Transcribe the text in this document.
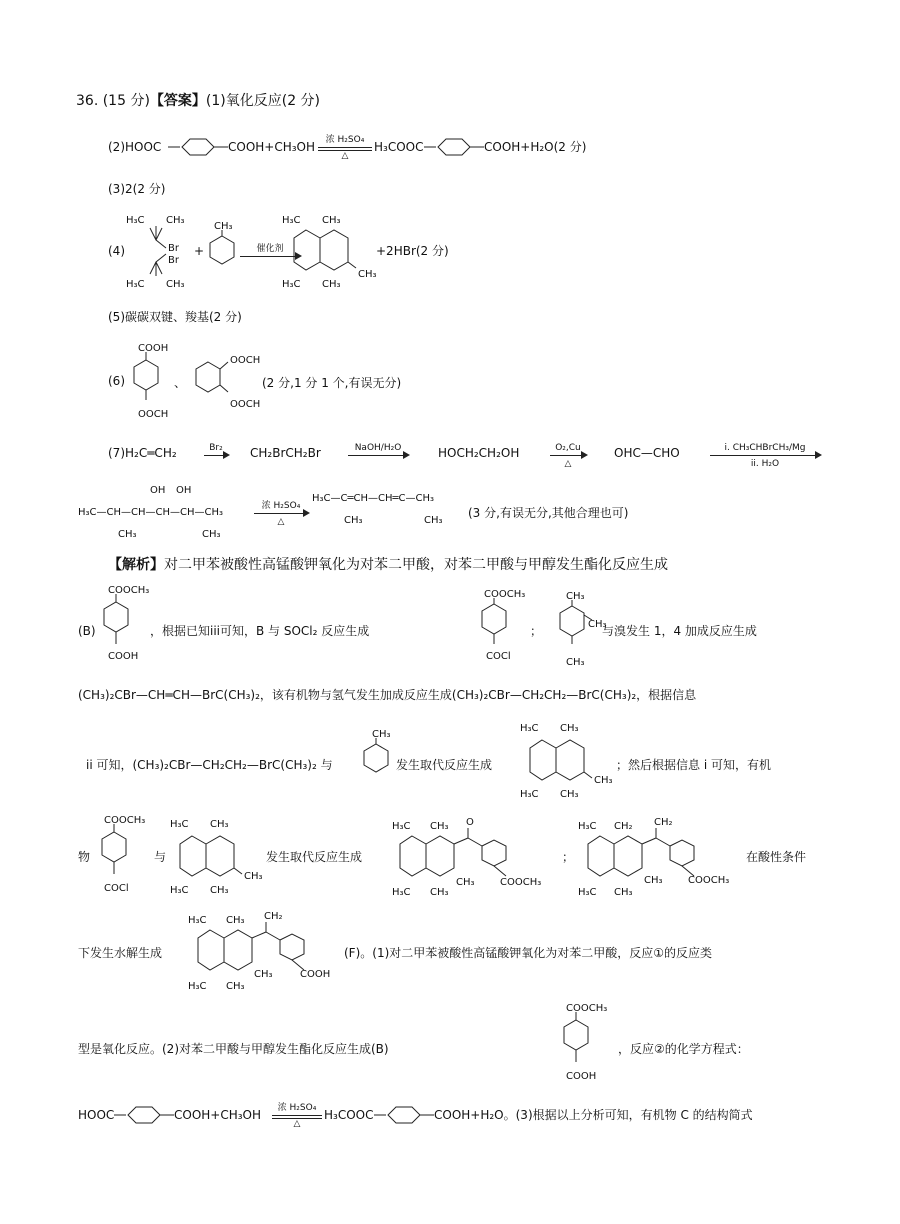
36. (15 分)【答案】(1)氧化反应(2 分)
(2)HOOC	COOH+CH₃OH	浓 H₂SO₄
△
H₃COOC	COOH+H₂O(2 分)
(3)2(2 分)
(4)
H₃C CH₃
Br
Br
H₃C CH₃
+
CH₃
催化剂
H₃C CH₃
H₃C CH₃
CH₃
+2HBr(2 分)
(5)碳碳双键、羧基(2 分)
COOH
(6)
OOCH
、
OOCH
OOCH
(2 分,1 分 1 个,有误无分)
(7)H₂C═CH₂	Br₂	CH₂BrCH₂Br	NaOH/H₂O	HOCH₂CH₂OH	O₂,Cu
△
OHC—CHO	i. CH₃CHBrCH₃/Mg
ii. H₂O
OH OH
H₃C—CH—CH—CH—CH—CH₃
CH₃	CH₃
浓 H₂SO₄
△
H₃C—C═CH—CH═C—CH₃
CH₃	CH₃
(3 分,有误无分,其他合理也可)
【解析】对二甲苯被酸性高锰酸钾氧化为对苯二甲酸，对苯二甲酸与甲醇发生酯化反应生成
COOCH₃
COOH
(B)	，根据已知iii可知，B 与 SOCl₂ 反应生成
COOCH₃
COCl
；
CH₃
CH₃
CH₃
与溴发生 1，4 加成反应生成
(CH₃)₂CBr—CH═CH—BrC(CH₃)₂，该有机物与氢气发生加成反应生成(CH₃)₂CBr—CH₂CH₂—BrC(CH₃)₂，根据信息
ii 可知，(CH₃)₂CBr—CH₂CH₂—BrC(CH₃)₂ 与
CH₃
发生取代反应生成
H₃C CH₃
CH₃
H₃C CH₃
；然后根据信息 i 可知，有机
物
COOCH₃
COCl
与
H₃C CH₃
CH₃
H₃C CH₃
发生取代反应生成
H₃C CH₃ O
CH₃	COOCH₃
H₃C CH₃
；
H₃C CH₂ CH₂
CH₃	COOCH₃
H₃C CH₃
在酸性条件
下发生水解生成
H₃C CH₃ CH₂
CH₃	COOH
H₃C CH₃
(F)。(1)对二甲苯被酸性高锰酸钾氧化为对苯二甲酸，反应①的反应类
型是氧化反应。(2)对苯二甲酸与甲醇发生酯化反应生成(B)
COOCH₃
COOH
，反应②的化学方程式：
HOOC	COOH+CH₃OH	浓 H₂SO₄
△
H₃COOC	COOH+H₂O。(3)根据以上分析可知，有机物 C 的结构简式
